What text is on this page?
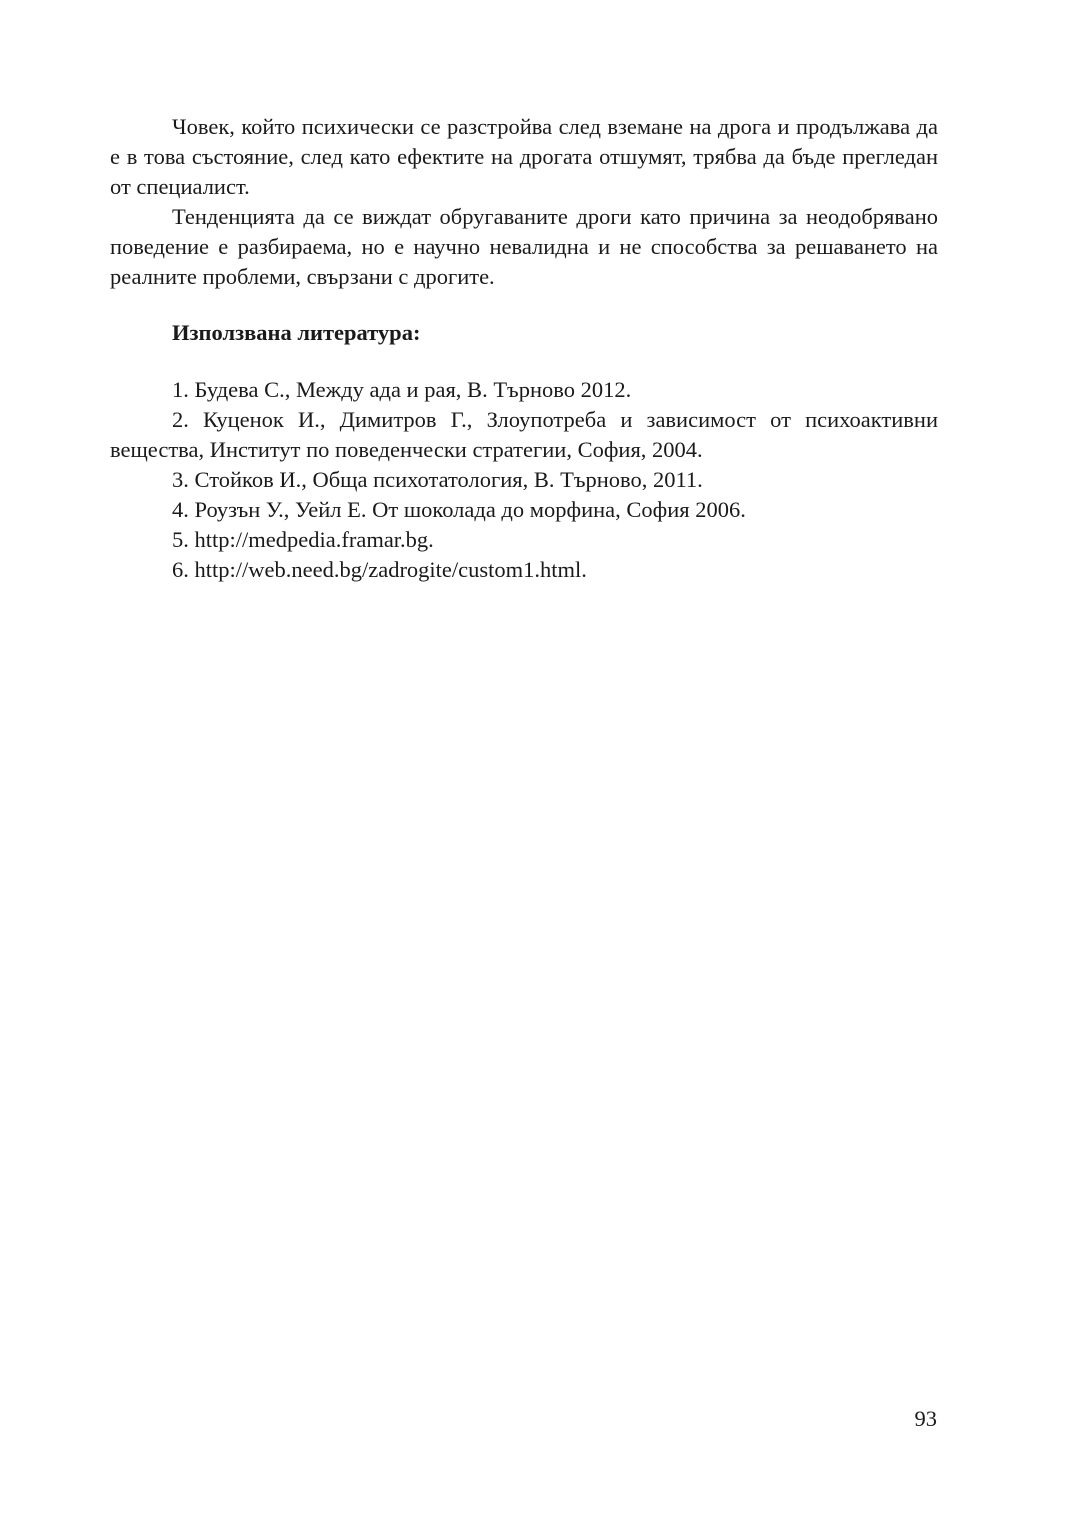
Човек, който психически се разстройва след вземане на дрога и продължава да е в това състояние, след като ефектите на дрогата отшумят, трябва да бъде прегледан от специалист.

Тенденцията да се виждат обругаваните дроги като причина за неодобрявано поведение е разбираема, но е научно невалидна и не способства за решаването на реалните проблеми, свързани с дрогите.

Използвана литература:

1. Будева С., Между ада и рая, В. Търново 2012.

2. Куценок И., Димитров Г., Злоупотреба и зависимост от психоактивни вещества, Институт по поведенчески стратегии, София, 2004.

3. Стойков И., Обща психотатология, В. Търново, 2011.

4. Роузън У., Уейл Е. От шоколада до морфина, София 2006.

5. http://medpedia.framar.bg.

6. http://web.need.bg/zadrogite/custom1.html.

93
